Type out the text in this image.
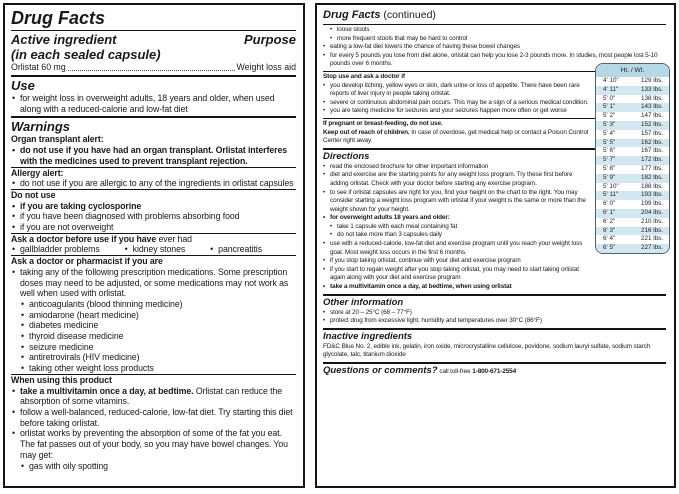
Drug Facts
Active ingredient
(in each sealed capsule)
Purpose
Orlistat 60 mg	Weight loss aid
Use
• for weight loss in overweight adults, 18 years and older, when used along with a reduced-calorie and low-fat diet
Warnings
Organ transplant alert:
• do not use if you have had an organ transplant. Orlistat interferes with the medicines used to prevent transplant rejection.
Allergy alert:
• do not use if you are allergic to any of the ingredients in orlistat capsules
Do not use
• if you are taking cyclosporine
• if you have been diagnosed with problems absorbing food
• if you are not overweight
Ask a doctor before use if you have ever had
• gallbladder problems	• kidney stones	• pancreatitis
Ask a doctor or pharmacist if you are
• taking any of the following prescription medications. Some prescription doses may need to be adjusted, or some medications may not work as well when used with orlistat.
• anticoagulants (blood thinning medicine)
• amiodarone (heart medicine)
• diabetes medicine
• thyroid disease medicine
• seizure medicine
• antiretrovirals (HIV medicine)
• taking other weight loss products
When using this product
• take a multivitamin once a day, at bedtime. Orlistat can reduce the absorption of some vitamins.
• follow a well-balanced, reduced-calorie, low-fat diet. Try starting this diet before taking orlistat.
• orlistat works by preventing the absorption of some of the fat you eat. The fat passes out of your body, so you may have bowel changes. You may get:
• gas with oily spotting
Drug Facts (continued)
• loose stools
• more frequent stools that may be hard to control
• eating a low-fat diet lowers the chance of having these bowel changes
• for every 5 pounds you lose from diet alone, orlistat can help you lose 2-3 pounds more. In studies, most people lost 5-10 pounds over 6 months.
Stop use and ask a doctor if
• you develop itching, yellow eyes or skin, dark urine or loss of appetite. There have been rare reports of liver injury in people taking orlistat.
• severe or continuous abdominal pain occurs. This may be a sign of a serious medical condition.
• you are taking medicine for seizures and your seizures happen more often or get worse
If pregnant or breast-feeding, do not use.
Keep out of reach of children. In case of overdose, get medical help or contact a Poison Control Center right away.
Directions
• read the enclosed brochure for other important information
• diet and exercise are the starting points for any weight loss program. Try these first before adding orlistat. Check with your doctor before starting any exercise program.
• to see if orlistat capsules are right for you, find your height on the chart to the right. You may consider starting a weight loss program with orlistat if your weight is the same or more than the weight shown for your height.
• for overweight adults 18 years and older:
• take 1 capsule with each meal containing fat
• do not take more than 3 capsules daily
• use with a reduced-calorie, low-fat diet and exercise program until you reach your weight loss goal. Most weight loss occurs in the first 6 months.
• if you stop taking orlistat, continue with your diet and exercise program
• if you start to regain weight after you stop taking orlistat, you may need to start taking orlistat again along with your diet and exercise program
• take a multivitamin once a day, at bedtime, when using orlistat
Other information
• store at 20 – 25°C (68 – 77°F)
• protect drug from excessive light, humidity and temperatures over 30°C (86°F)
Inactive ingredients
FD&C Blue No. 2, edible ink, gelatin, iron oxide, microcrystalline cellulose, povidone, sodium lauryl sulfate, sodium starch glycolate, talc, titanium dioxide
Questions or comments? call toll-free 1-800-671-2554
Ht. / Wt.	
4' 10"	129 lbs.
4' 11"	133 lbs.
5' 0"	138 lbs.
5' 1"	143 lbs.
5' 2"	147 lbs.
5' 3"	152 lbs.
5' 4"	157 lbs.
5' 5"	162 lbs.
5' 6"	167 lbs.
5' 7"	172 lbs.
5' 8"	177 lbs.
5' 9"	182 lbs.
5' 10"	188 lbs.
5' 11"	193 lbs.
6' 0"	199 lbs.
6' 1"	204 lbs.
6' 2"	210 lbs.
6' 3"	216 lbs.
6' 4"	221 lbs.
6' 5"	227 lbs.
